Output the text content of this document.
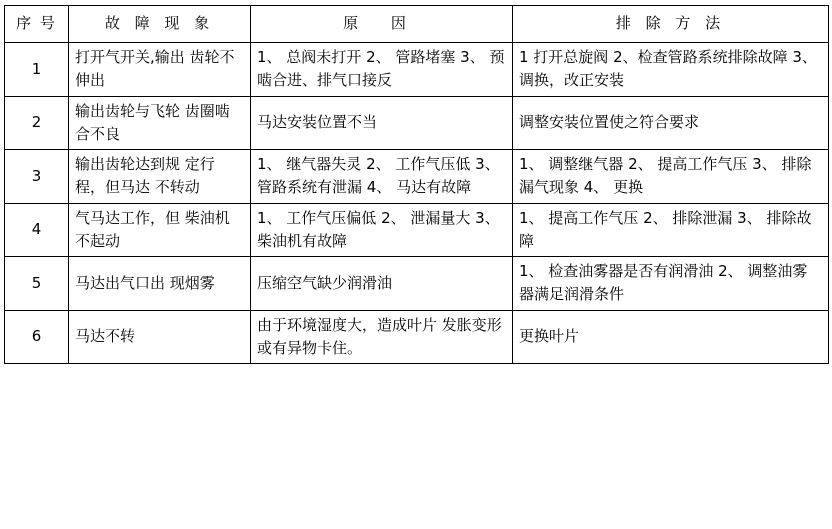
序 号	故 障 现 象	原 因	排 除 方 法
1	打开气开关,输出 齿轮不伸出	1、 总阀未打开 2、 管路堵塞 3、 预啮合进、排气口接反	1 打开总旋阀 2、检查管路系统排除故障 3、调换，改正安装
2	输出齿轮与飞轮 齿圈啮合不良	马达安装位置不当	调整安装位置使之符合要求
3	输出齿轮达到规 定行程，但马达 不转动	1、 继气器失灵 2、 工作气压低 3、 管路系统有泄漏 4、 马达有故障	1、 调整继气器 2、 提高工作气压 3、 排除漏气现象 4、 更换
4	气马达工作，但 柴油机不起动	1、 工作气压偏低 2、 泄漏量大 3、 柴油机有故障	1、 提高工作气压 2、 排除泄漏 3、 排除故障
5	马达出气口出 现烟雾	压缩空气缺少润滑油	1、 检查油雾器是否有润滑油 2、 调整油雾器满足润滑条件
6	马达不转	由于环境湿度大，造成叶片 发胀变形或有异物卡住。	更换叶片
